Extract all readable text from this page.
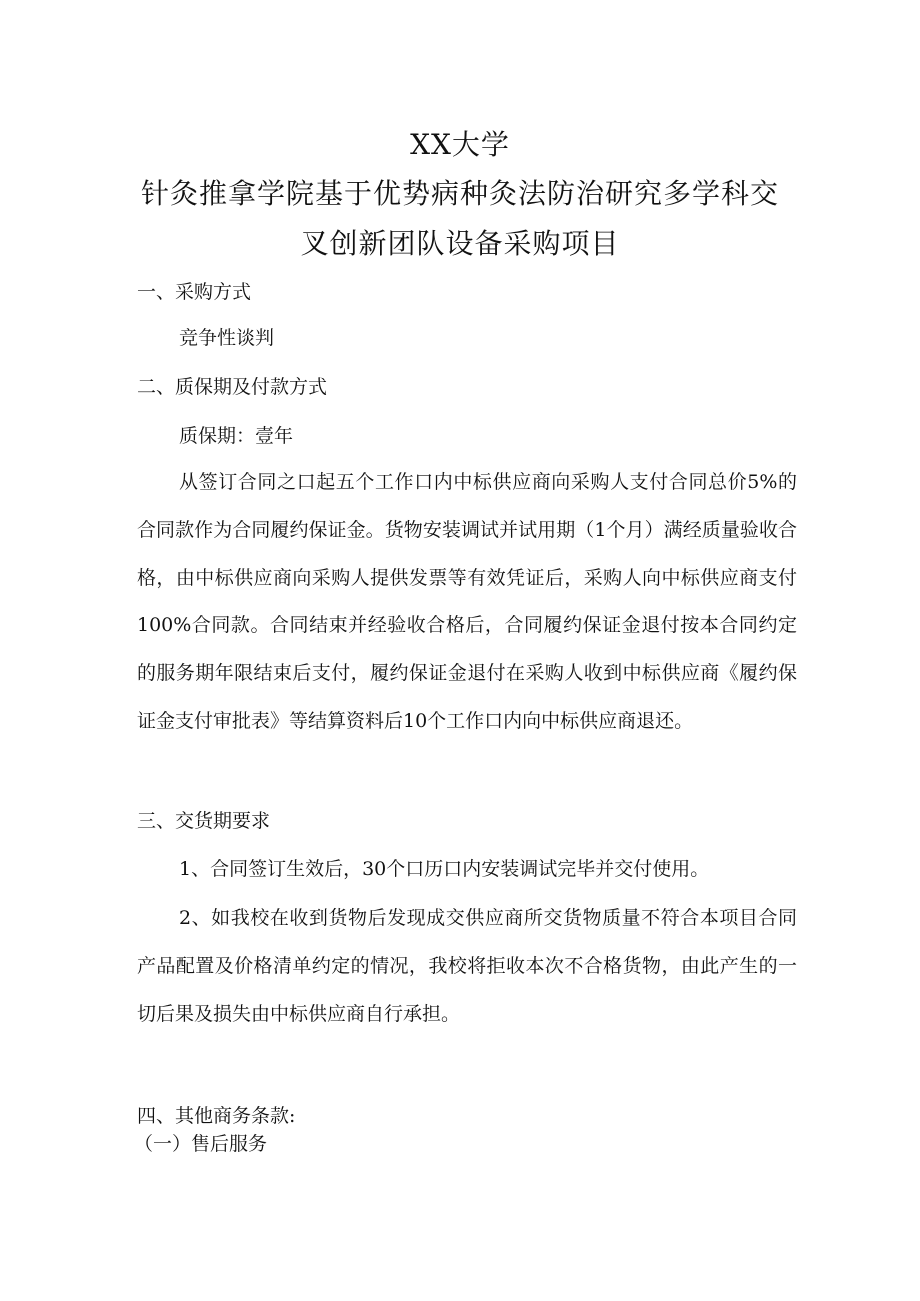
XX大学
针灸推拿学院基于优势病种灸法防治研究多学科交
叉创新团队设备采购项目
一、采购方式
竞争性谈判
二、质保期及付款方式
质保期：壹年

从签订合同之口起五个工作口内中标供应商向采购人支付合同总价5%的合同款作为合同履约保证金。货物安装调试并试用期（1个月）满经质量验收合格，由中标供应商向采购人提供发票等有效凭证后，采购人向中标供应商支付100%合同款。合同结束并经验收合格后，合同履约保证金退付按本合同约定的服务期年限结束后支付，履约保证金退付在采购人收到中标供应商《履约保证金支付审批表》等结算资料后10个工作口内向中标供应商退还。

三、交货期要求

1、合同签订生效后，30个口历口内安装调试完毕并交付使用。

2、如我校在收到货物后发现成交供应商所交货物质量不符合本项目合同产品配置及价格清单约定的情况，我校将拒收本次不合格货物，由此产生的一切后果及损失由中标供应商自行承担。

四、其他商务条款:
（一）售后服务
